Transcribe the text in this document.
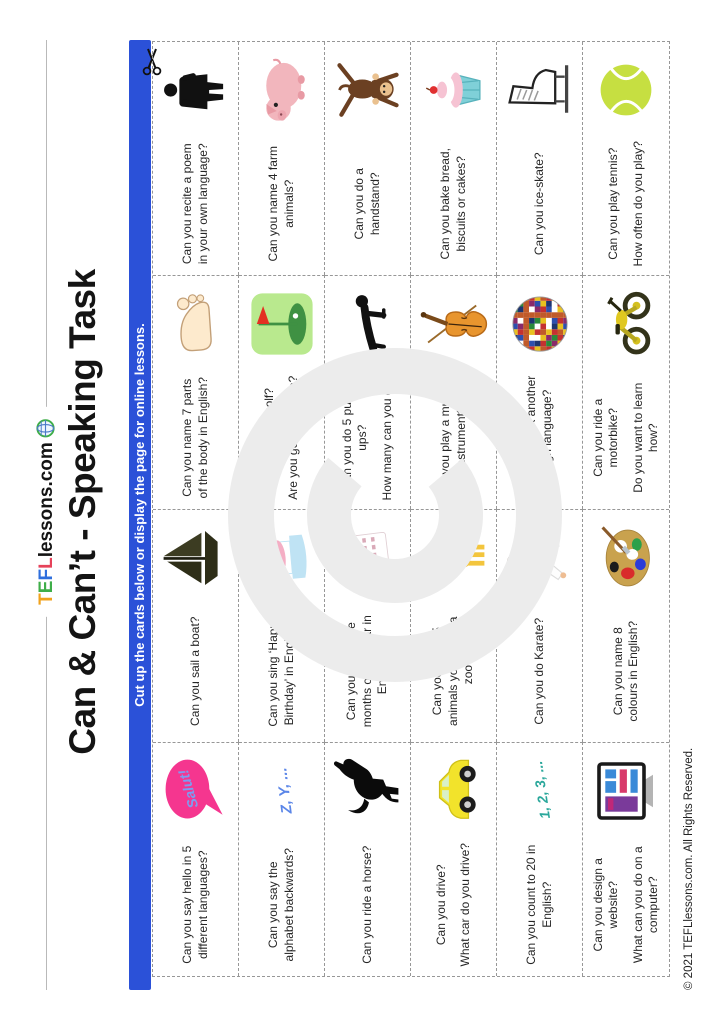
TEFLlessons.com Can & Can’t - Speaking Task Cut up the cards below or display the page for online lessons.
Can you say hello in 5 different languages?
Salut!
Can you sail a boat?
Can you name 7 parts of the body in English?
Can you recite a poem in your own language?
Can you say the alphabet backwards?
Z, Y, ...
Can you sing ‘Happy Birthday’ in English?
Can you play golf? Are you going to learn?
Can you name 4 farm animals?
Can you ride a horse?
Can you name the months of the year in English?
Can you do 5 push-ups? How many can you do?
Can you do a handstand?
Can you drive? What car do you drive?
Can you name 5 animals you see in a zoo?
Can you play a musical instrument?
Can you bake bread, biscuits or cakes?
Can you count to 20 in English?
1, 2, 3, ...
Can you do Karate?
Can you speak another foreign language?
Can you ice-skate?
Can you design a website? What can you do on a computer?
Can you name 8 colours in English?
Can you ride a motorbike? Do you want to learn how?
Can you play tennis? How often do you play?
© 2021 TEFLlessons.com. All Rights Reserved.
